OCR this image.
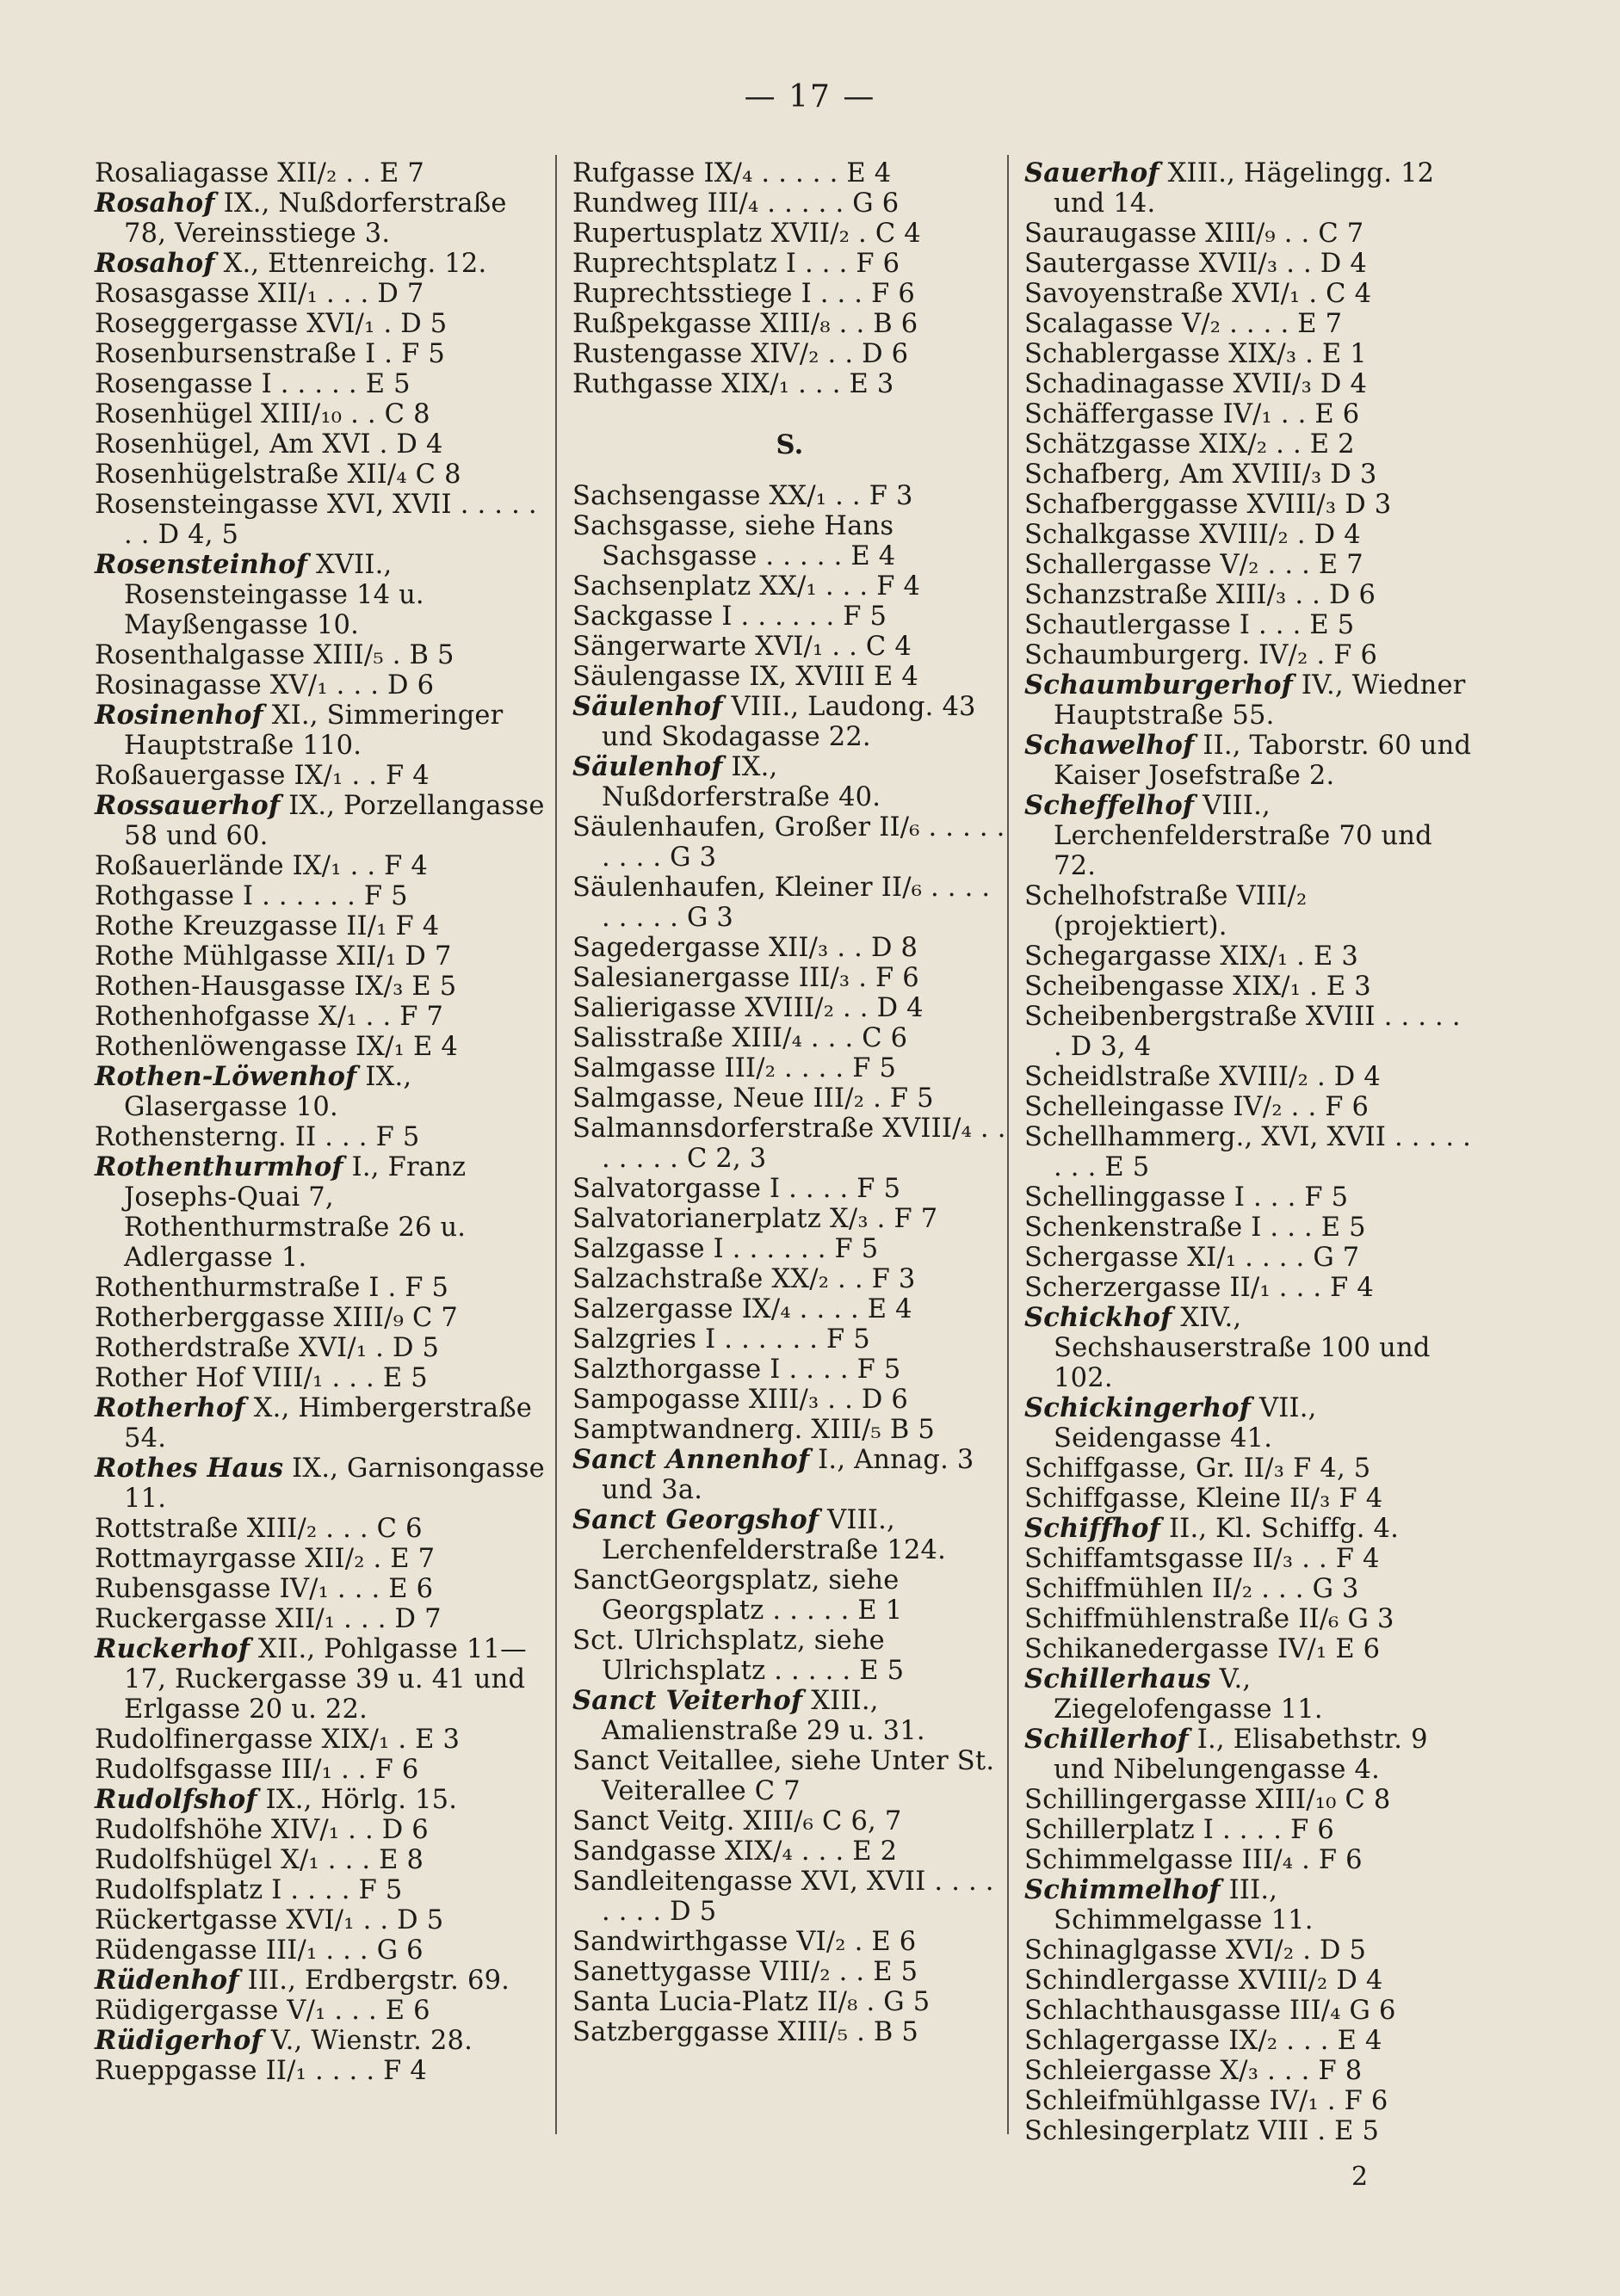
— 17 —

Rosaliagasse XII/₂ . . E 7

Rosahof IX., Nußdorferstraße 78, Vereinsstiege 3.

Rosahof X., Ettenreichg. 12.

Rosasgasse XII/₁ . . . D 7

Roseggergasse XVI/₁ . D 5

Rosenbursenstraße I . F 5

Rosengasse I . . . . . E 5

Rosenhügel XIII/₁₀ . . C 8

Rosenhügel, Am XVI . D 4

Rosenhügelstraße XII/₄ C 8

Rosensteingasse XVI, XVII . . . . . . . D 4, 5

Rosensteinhof XVII., Rosensteingasse 14 u. Mayßengasse 10.

Rosenthalgasse XIII/₅ . B 5

Rosinagasse XV/₁ . . . D 6

Rosinenhof XI., Simmeringer Hauptstraße 110.

Roßauergasse IX/₁ . . F 4

Rossauerhof IX., Porzellangasse 58 und 60.

Roßauerlände IX/₁ . . F 4

Rothgasse I . . . . . . F 5

Rothe Kreuzgasse II/₁ F 4

Rothe Mühlgasse XII/₁ D 7

Rothen-Hausgasse IX/₃ E 5

Rothenhofgasse X/₁ . . F 7

Rothenlöwengasse IX/₁ E 4

Rothen-Löwenhof IX., Glasergasse 10.

Rothensterng. II . . . F 5

Rothenthurmhof I., Franz Josephs-Quai 7, Rothenthurmstraße 26 u. Adlergasse 1.

Rothenthurmstraße I . F 5

Rotherberggasse XIII/₉ C 7

Rotherdstraße XVI/₁ . D 5

Rother Hof VIII/₁ . . . E 5

Rotherhof X., Himbergerstraße 54.

Rothes Haus IX., Garnisongasse 11.

Rottstraße XIII/₂ . . . C 6

Rottmayrgasse XII/₂ . E 7

Rubensgasse IV/₁ . . . E 6

Ruckergasse XII/₁ . . . D 7

Ruckerhof XII., Pohlgasse 11—17, Ruckergasse 39 u. 41 und Erlgasse 20 u. 22.

Rudolfinergasse XIX/₁ . E 3

Rudolfsgasse III/₁ . . F 6

Rudolfshof IX., Hörlg. 15.

Rudolfshöhe XIV/₁ . . D 6

Rudolfshügel X/₁ . . . E 8

Rudolfsplatz I . . . . F 5

Rückertgasse XVI/₁ . . D 5

Rüdengasse III/₁ . . . G 6

Rüdenhof III., Erdbergstr. 69.

Rüdigergasse V/₁ . . . E 6

Rüdigerhof V., Wienstr. 28.

Rueppgasse II/₁ . . . . F 4

Rufgasse IX/₄ . . . . . E 4

Rundweg III/₄ . . . . . G 6

Rupertusplatz XVII/₂ . C 4

Ruprechtsplatz I . . . F 6

Ruprechtsstiege I . . . F 6

Rußpekgasse XIII/₈ . . B 6

Rustengasse XIV/₂ . . D 6

Ruthgasse XIX/₁ . . . E 3

S.

Sachsengasse XX/₁ . . F 3

Sachsgasse, siehe Hans Sachsgasse . . . . . E 4

Sachsenplatz XX/₁ . . . F 4

Sackgasse I . . . . . . F 5

Sängerwarte XVI/₁ . . C 4

Säulengasse IX, XVIII E 4

Säulenhof VIII., Laudong. 43 und Skodagasse 22.

Säulenhof IX., Nußdorferstraße 40.

Säulenhaufen, Großer II/₆ . . . . . . . . . G 3

Säulenhaufen, Kleiner II/₆ . . . . . . . . . G 3

Sagedergasse XII/₃ . . D 8

Salesianergasse III/₃ . F 6

Salierigasse XVIII/₂ . . D 4

Salisstraße XIII/₄ . . . C 6

Salmgasse III/₂ . . . . F 5

Salmgasse, Neue III/₂ . F 5

Salmannsdorferstraße XVIII/₄ . . . . . . . C 2, 3

Salvatorgasse I . . . . F 5

Salvatorianerplatz X/₃ . F 7

Salzgasse I . . . . . . F 5

Salzachstraße XX/₂ . . F 3

Salzergasse IX/₄ . . . . E 4

Salzgries I . . . . . . F 5

Salzthorgasse I . . . . F 5

Sampogasse XIII/₃ . . D 6

Samptwandnerg. XIII/₅ B 5

Sanct Annenhof I., Annag. 3 und 3a.

Sanct Georgshof VIII., Lerchenfelderstraße 124.

SanctGeorgsplatz, siehe Georgsplatz . . . . . E 1

Sct. Ulrichsplatz, siehe Ulrichsplatz . . . . . E 5

Sanct Veiterhof XIII., Amalienstraße 29 u. 31.

Sanct Veitallee, siehe Unter St. Veiterallee C 7

Sanct Veitg. XIII/₆ C 6, 7

Sandgasse XIX/₄ . . . E 2

Sandleitengasse XVI, XVII . . . . . . . . D 5

Sandwirthgasse VI/₂ . E 6

Sanettygasse VIII/₂ . . E 5

Santa Lucia-Platz II/₈ . G 5

Satzberggasse XIII/₅ . B 5

Sauerhof XIII., Hägelingg. 12 und 14.

Sauraugasse XIII/₉ . . C 7

Sautergasse XVII/₃ . . D 4

Savoyenstraße XVI/₁ . C 4

Scalagasse V/₂ . . . . E 7

Schablergasse XIX/₃ . E 1

Schadinagasse XVII/₃ D 4

Schäffergasse IV/₁ . . E 6

Schätzgasse XIX/₂ . . E 2

Schafberg, Am XVIII/₃ D 3

Schafberggasse XVIII/₃ D 3

Schalkgasse XVIII/₂ . D 4

Schallergasse V/₂ . . . E 7

Schanzstraße XIII/₃ . . D 6

Schautlergasse I . . . E 5

Schaumburgerg. IV/₂ . F 6

Schaumburgerhof IV., Wiedner Hauptstraße 55.

Schawelhof II., Taborstr. 60 und Kaiser Josefstraße 2.

Scheffelhof VIII., Lerchenfelderstraße 70 und 72.

Schelhofstraße VIII/₂ (projektiert).

Schegargasse XIX/₁ . E 3

Scheibengasse XIX/₁ . E 3

Scheibenbergstraße XVIII . . . . . . D 3, 4

Scheidlstraße XVIII/₂ . D 4

Schelleingasse IV/₂ . . F 6

Schellhammerg., XVI, XVII . . . . . . . . E 5

Schellinggasse I . . . F 5

Schenkenstraße I . . . E 5

Schergasse XI/₁ . . . . G 7

Scherzergasse II/₁ . . . F 4

Schickhof XIV., Sechshauserstraße 100 und 102.

Schickingerhof VII., Seidengasse 41.

Schiffgasse, Gr. II/₃ F 4, 5

Schiffgasse, Kleine II/₃ F 4

Schiffhof II., Kl. Schiffg. 4.

Schiffamtsgasse II/₃ . . F 4

Schiffmühlen II/₂ . . . G 3

Schiffmühlenstraße II/₆ G 3

Schikanedergasse IV/₁ E 6

Schillerhaus V., Ziegelofengasse 11.

Schillerhof I., Elisabethstr. 9 und Nibelungengasse 4.

Schillingergasse XIII/₁₀ C 8

Schillerplatz I . . . . F 6

Schimmelgasse III/₄ . F 6

Schimmelhof III., Schimmelgasse 11.

Schinaglgasse XVI/₂ . D 5

Schindlergasse XVIII/₂ D 4

Schlachthausgasse III/₄ G 6

Schlagergasse IX/₂ . . . E 4

Schleiergasse X/₃ . . . F 8

Schleifmühlgasse IV/₁ . F 6

Schlesingerplatz VIII . E 5

2
